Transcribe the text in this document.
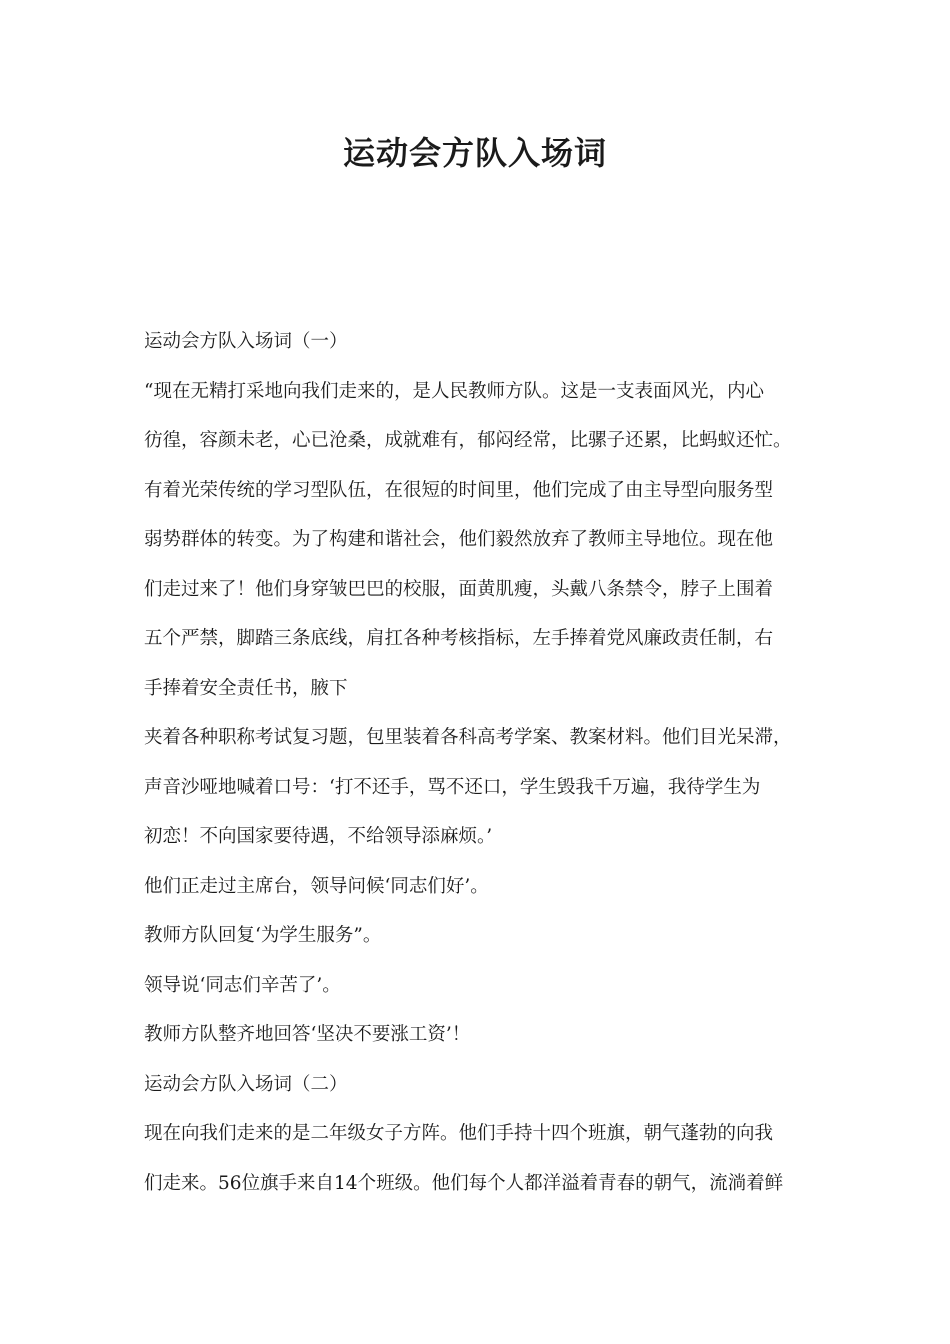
运动会方队入场词
运动会方队入场词（一）
“现在无精打采地向我们走来的，是人民教师方队。这是一支表面风光，内心
彷徨，容颜未老，心已沧桑，成就难有，郁闷经常，比骡子还累，比蚂蚁还忙。
有着光荣传统的学习型队伍，在很短的时间里，他们完成了由主导型向服务型
弱势群体的转变。为了构建和谐社会，他们毅然放弃了教师主导地位。现在他
们走过来了！他们身穿皱巴巴的校服，面黄肌瘦，头戴八条禁令，脖子上围着
五个严禁，脚踏三条底线，肩扛各种考核指标，左手捧着党风廉政责任制，右
手捧着安全责任书，腋下
夹着各种职称考试复习题，包里装着各科高考学案、教案材料。他们目光呆滞，
声音沙哑地喊着口号：‘打不还手，骂不还口，学生毁我千万遍，我待学生为
初恋！不向国家要待遇，不给领导添麻烦。’
他们正走过主席台，领导问候‘同志们好’。
教师方队回复‘为学生服务”。
领导说‘同志们辛苦了’。
教师方队整齐地回答‘坚决不要涨工资’！
运动会方队入场词（二）
现在向我们走来的是二年级女子方阵。他们手持十四个班旗，朝气蓬勃的向我
们走来。56位旗手来自14个班级。他们每个人都洋溢着青春的朝气，流淌着鲜
